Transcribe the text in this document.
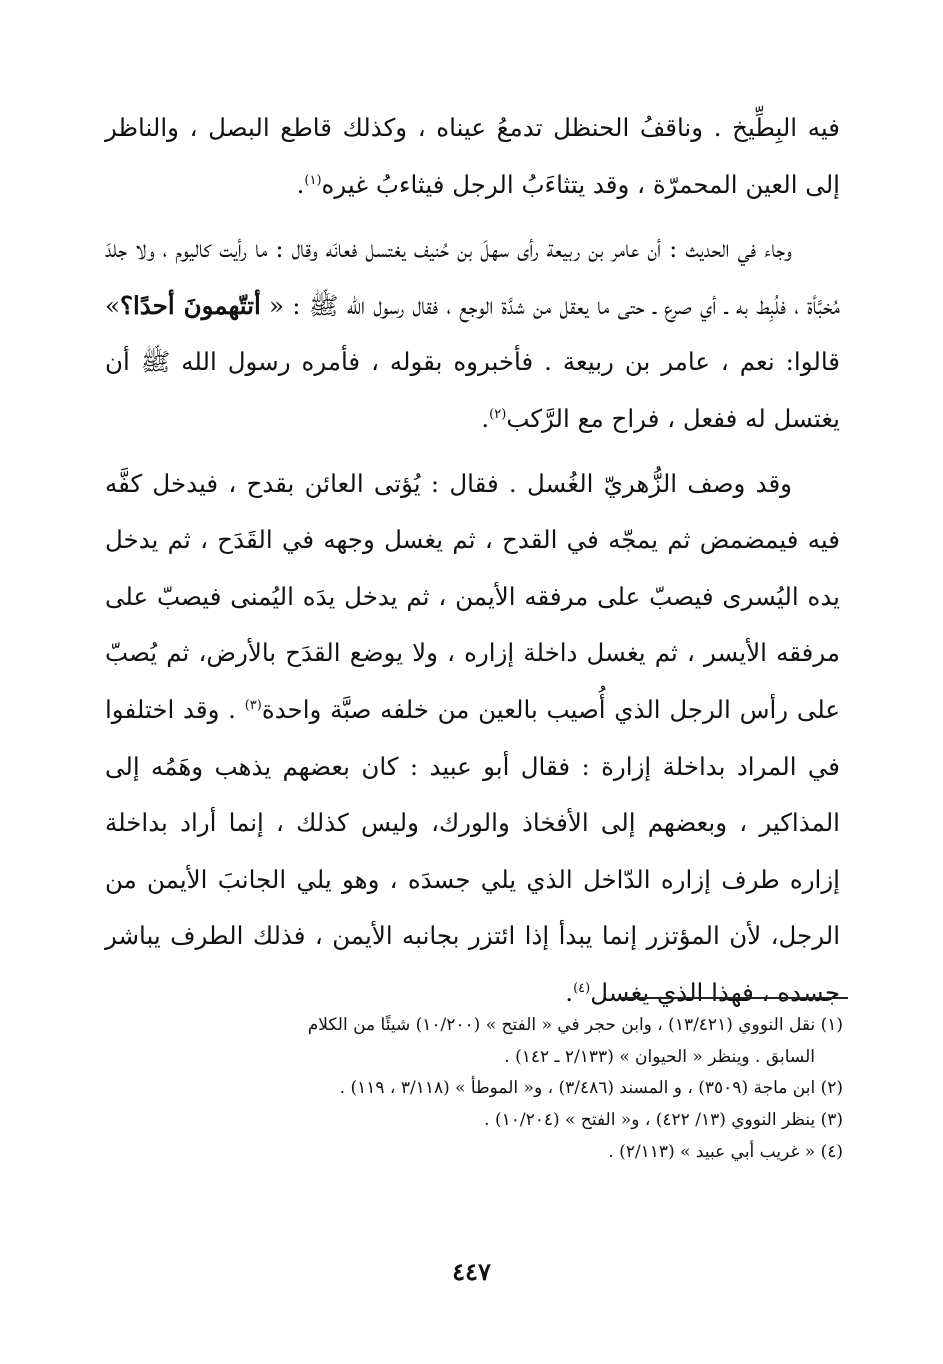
فيه البِطِّيخ . وناقفُ الحنظل تدمعُ عيناه ، وكذلك قاطع البصل ، والناظر إلى العين المحمرّة ، وقد يتثاءَبُ الرجل فيثاءبُ غيره$^{(١)}$.

وجاء في الحديث : أن عامر بن ربيعة رأى سهلَ بن حُنيف يغتسل فعانَه وقال : ما رأيت كاليوم ، ولا جلدَ مُخبَّأة ، فلُبِط به ـ أي صرع ـ حتى ما يعقل من شدَّة الوجع ، فقال رسول الله ﷺ : « أتتّهمونَ أحدًا؟» قالوا: نعم ، عامر بن ربيعة . فأخبروه بقوله ، فأمره رسول الله ﷺ أن يغتسل له ففعل ، فراح مع الرَّكب$^{(٢)}$.

وقد وصف الزُّهريّ الغُسل . فقال : يُؤتى العائن بقدح ، فيدخل كفَّه فيه فيمضمض ثم يمجّه في القدح ، ثم يغسل وجهه في القَدَح ، ثم يدخل يده اليُسرى فيصبّ على مرفقه الأيمن ، ثم يدخل يدَه اليُمنى فيصبّ على مرفقه الأيسر ، ثم يغسل داخلة إزاره ، ولا يوضع القدَح بالأرض، ثم يُصبّ على رأس الرجل الذي أُصيب بالعين من خلفه صبَّة واحدة$^{(٣)}$ . وقد اختلفوا في المراد بداخلة إزارة : فقال أبو عبيد : كان بعضهم يذهب وهَمُه إلى المذاكير ، وبعضهم إلى الأفخاذ والورك، وليس كذلك ، إنما أراد بداخلة إزاره طرف إزاره الدّاخل الذي يلي جسدَه ، وهو يلي الجانبَ الأيمن من الرجل، لأن المؤتزر إنما يبدأ إذا ائتزر بجانبه الأيمن ، فذلك الطرف يباشر جسده ، فهذا الذي يغسل$^{(٤)}$.

(١) نقل النووي (١٣/٤٢١) ، وابن حجر في « الفتح » (١٠/٢٠٠) شيئًا من الكلام

السابق . وينظر « الحيوان » (٢/١٣٣ ـ ١٤٢) .

(٢) ابن ماجة (٣٥٠٩) ، و المسند (٣/٤٨٦) ، و« الموطأ » (٣/١١٨ ، ١١٩) .

(٣) ينظر النووي (١٣/ ٤٢٢) ، و« الفتح » (١٠/٢٠٤) .

(٤) « غريب أبي عبيد » (٢/١١٣) .

٤٤٧
